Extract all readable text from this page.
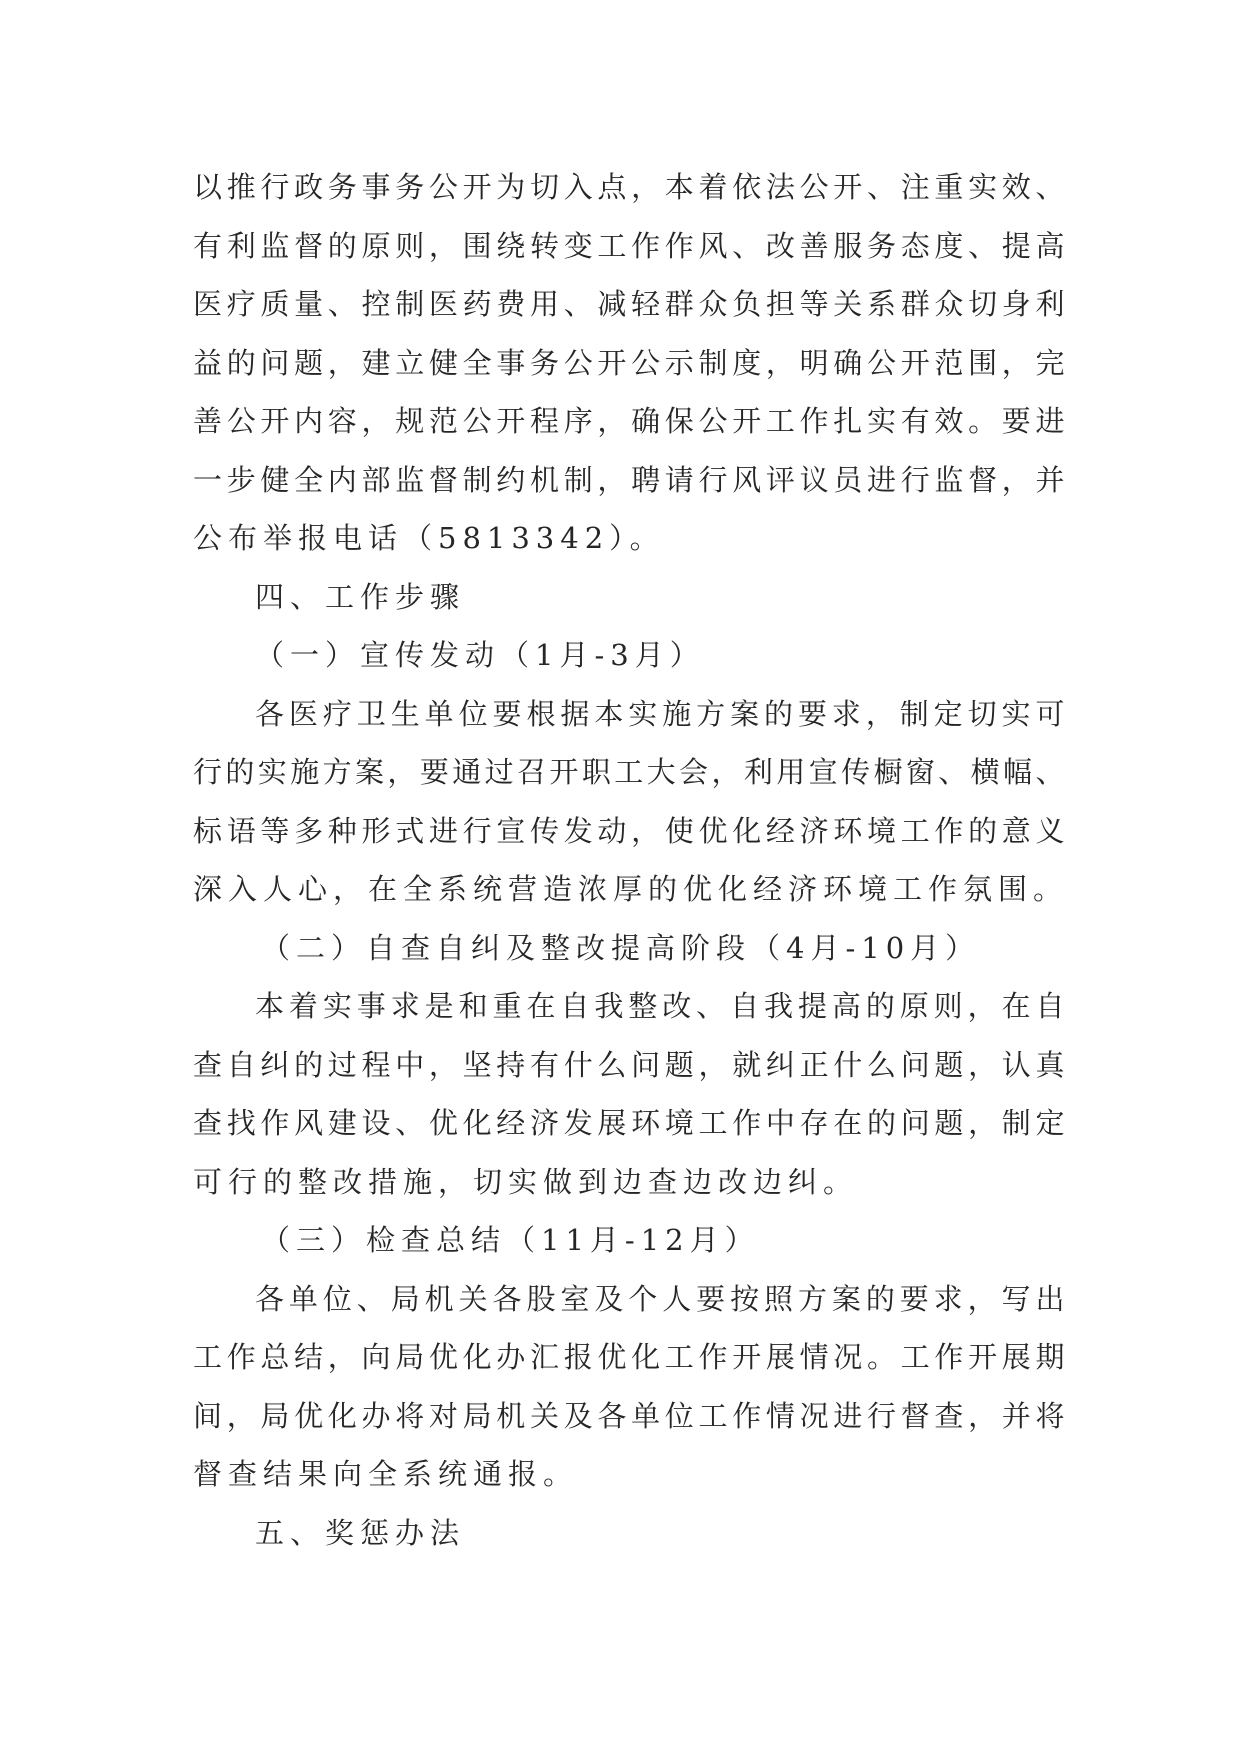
以推行政务事务公开为切入点，本着依法公开、注重实效、
有利监督的原则，围绕转变工作作风、改善服务态度、提高
医疗质量、控制医药费用、减轻群众负担等关系群众切身利
益的问题，建立健全事务公开公示制度，明确公开范围，完
善公开内容，规范公开程序，确保公开工作扎实有效。要进
一步健全内部监督制约机制，聘请行风评议员进行监督，并
公布举报电话（5813342）。
四、工作步骤
（一）宣传发动（1月-3月）
各医疗卫生单位要根据本实施方案的要求，制定切实可
行的实施方案，要通过召开职工大会，利用宣传橱窗、横幅、
标语等多种形式进行宣传发动，使优化经济环境工作的意义
深入人心，在全系统营造浓厚的优化经济环境工作氛围。
（二）自查自纠及整改提高阶段（4月-10月）
本着实事求是和重在自我整改、自我提高的原则，在自
查自纠的过程中，坚持有什么问题，就纠正什么问题，认真
查找作风建设、优化经济发展环境工作中存在的问题，制定
可行的整改措施，切实做到边查边改边纠。
（三）检查总结（11月-12月）
各单位、局机关各股室及个人要按照方案的要求，写出
工作总结，向局优化办汇报优化工作开展情况。工作开展期
间，局优化办将对局机关及各单位工作情况进行督查，并将
督查结果向全系统通报。
五、奖惩办法
